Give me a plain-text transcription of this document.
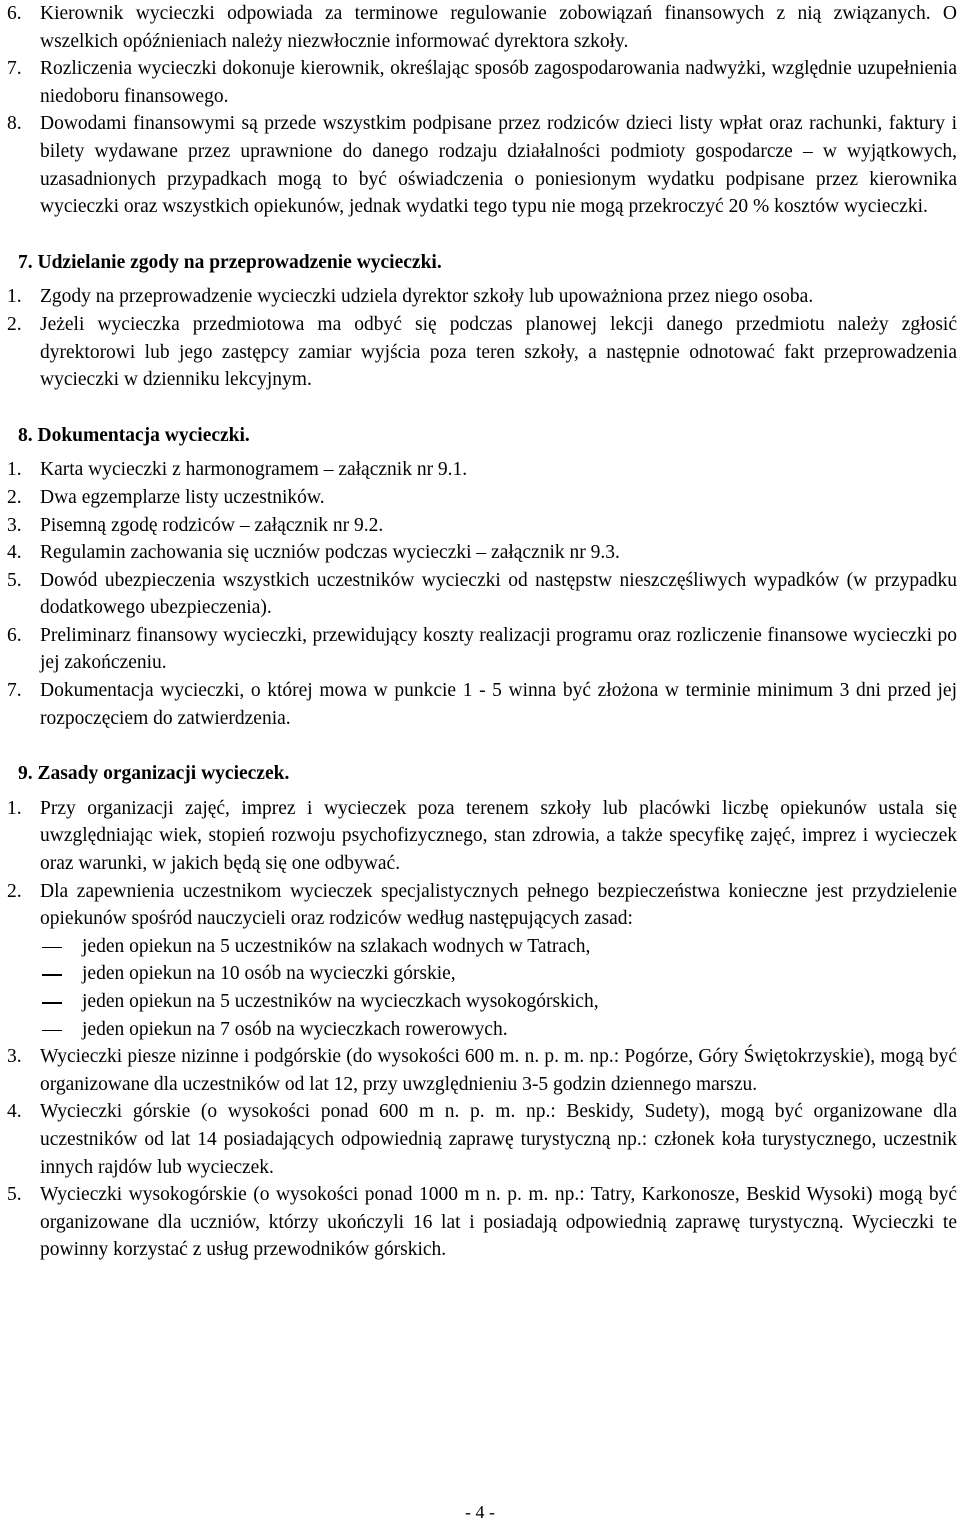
6. Kierownik wycieczki odpowiada za terminowe regulowanie zobowiązań finansowych z nią związanych. O wszelkich opóźnieniach należy niezwłocznie informować dyrektora szkoły.
7. Rozliczenia wycieczki dokonuje kierownik, określając sposób zagospodarowania nadwyżki, względnie uzupełnienia niedoboru finansowego.
8. Dowodami finansowymi są przede wszystkim podpisane przez rodziców dzieci listy wpłat oraz rachunki, faktury i bilety wydawane przez uprawnione do danego rodzaju działalności podmioty gospodarcze – w wyjątkowych, uzasadnionych przypadkach mogą to być oświadczenia o poniesionym wydatku podpisane przez kierownika wycieczki oraz wszystkich opiekunów, jednak wydatki tego typu nie mogą przekroczyć 20 % kosztów wycieczki.
7. Udzielanie zgody na przeprowadzenie wycieczki.
1. Zgody na przeprowadzenie wycieczki udziela dyrektor szkoły lub upoważniona przez niego osoba.
2. Jeżeli wycieczka przedmiotowa ma odbyć się podczas planowej lekcji danego przedmiotu należy zgłosić dyrektorowi lub jego zastępcy zamiar wyjścia poza teren szkoły, a następnie odnotować fakt przeprowadzenia wycieczki w dzienniku lekcyjnym.
8. Dokumentacja wycieczki.
1. Karta wycieczki z harmonogramem – załącznik nr 9.1.
2. Dwa egzemplarze listy uczestników.
3. Pisemną zgodę rodziców – załącznik nr 9.2.
4. Regulamin zachowania się uczniów podczas wycieczki – załącznik nr 9.3.
5. Dowód ubezpieczenia wszystkich uczestników wycieczki od następstw nieszczęśliwych wypadków (w przypadku dodatkowego ubezpieczenia).
6. Preliminarz finansowy wycieczki, przewidujący koszty realizacji programu oraz rozliczenie finansowe wycieczki po jej zakończeniu.
7. Dokumentacja wycieczki, o której mowa w punkcie 1 - 5 winna być złożona w terminie minimum 3 dni przed jej rozpoczęciem do zatwierdzenia.
9. Zasady organizacji wycieczek.
1. Przy organizacji zajęć, imprez i wycieczek poza terenem szkoły lub placówki liczbę opiekunów ustala się uwzględniając wiek, stopień rozwoju psychofizycznego, stan zdrowia, a także specyfikę zajęć, imprez i wycieczek oraz warunki, w jakich będą się one odbywać.
2. Dla zapewnienia uczestnikom wycieczek specjalistycznych pełnego bezpieczeństwa konieczne jest przydzielenie opiekunów spośród nauczycieli oraz rodziców według następujących zasad:
jeden opiekun na 5 uczestników na szlakach wodnych w Tatrach,
jeden opiekun na 10 osób na wycieczki górskie,
jeden opiekun na 5 uczestników na wycieczkach wysokogórskich,
jeden opiekun na 7 osób na wycieczkach rowerowych.
3. Wycieczki piesze nizinne i podgórskie (do wysokości 600 m. n. p. m. np.: Pogórze, Góry Świętokrzyskie), mogą być organizowane dla uczestników od lat 12, przy uwzględnieniu 3-5 godzin dziennego marszu.
4. Wycieczki górskie (o wysokości ponad 600 m n. p. m. np.: Beskidy, Sudety), mogą być organizowane dla uczestników od lat 14 posiadających odpowiednią zaprawę turystyczną np.: członek koła turystycznego, uczestnik innych rajdów lub wycieczek.
5. Wycieczki wysokogórskie (o wysokości ponad 1000 m n. p. m. np.: Tatry, Karkonosze, Beskid Wysoki) mogą być organizowane dla uczniów, którzy ukończyli 16 lat i posiadają odpowiednią zaprawę turystyczną. Wycieczki te powinny korzystać z usług przewodników górskich.
- 4 -
